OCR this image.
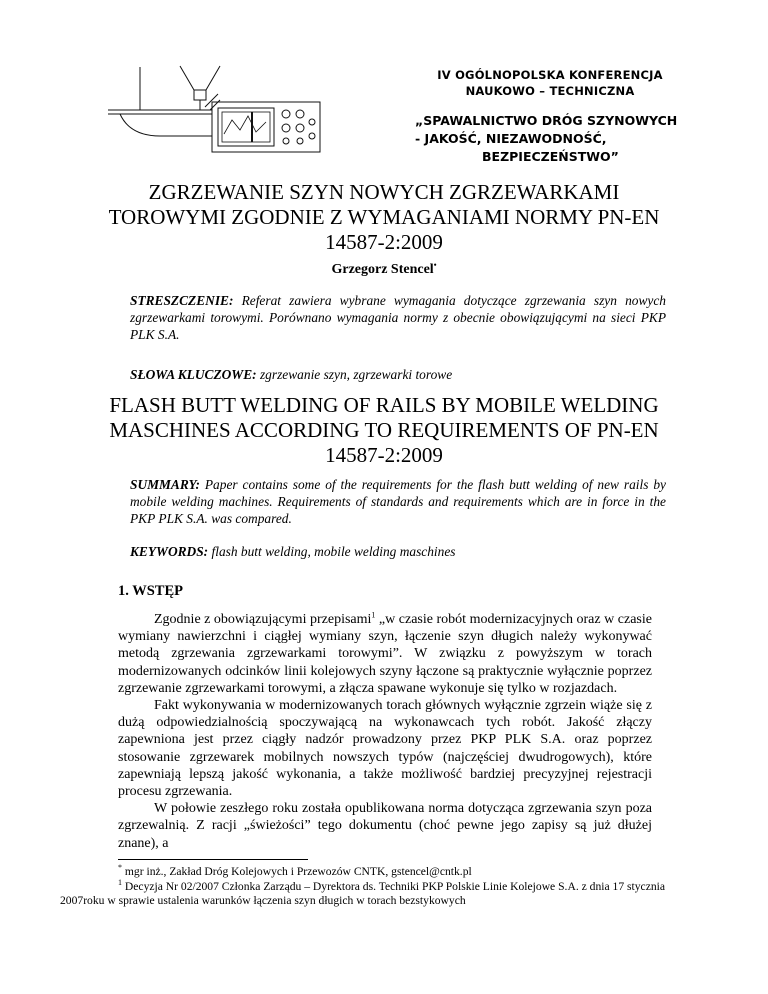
IV OGÓLNOPOLSKA KONFERENCJA
NAUKOWO – TECHNICZNA
„SPAWALNICTWO DRÓG SZYNOWYCH
- JAKOŚĆ, NIEZAWODNOŚĆ,
BEZPIECZEŃSTWO”
ZGRZEWANIE SZYN NOWYCH ZGRZEWARKAMI
TOROWYMI ZGODNIE Z WYMAGANIAMI NORMY PN-EN
14587-2:2009
Grzegorz Stencel•
STRESZCZENIE: Referat zawiera wybrane wymagania dotyczące zgrzewania szyn nowych zgrzewarkami torowymi. Porównano wymagania normy z obecnie obowiązującymi na sieci PKP PLK S.A.
SŁOWA KLUCZOWE: zgrzewanie szyn, zgrzewarki torowe
FLASH BUTT WELDING OF RAILS BY MOBILE WELDING
MASCHINES ACCORDING TO REQUIREMENTS OF PN-EN
14587-2:2009
SUMMARY: Paper contains some of the requirements for the flash butt welding of new rails by mobile welding machines. Requirements of standards and requirements which are in force in the PKP PLK S.A. was compared.
KEYWORDS: flash butt welding, mobile welding maschines
1. WSTĘP

Zgodnie z obowiązującymi przepisami$^1$ „w czasie robót modernizacyjnych oraz w czasie wymiany nawierzchni i ciągłej wymiany szyn, łączenie szyn długich należy wykonywać metodą zgrzewania zgrzewarkami torowymi”. W związku z powyższym w torach modernizowanych odcinków linii kolejowych szyny łączone są praktycznie wyłącznie poprzez zgrzewanie zgrzewarkami torowymi, a złącza spawane wykonuje się tylko w rozjazdach.

Fakt wykonywania w modernizowanych torach głównych wyłącznie zgrzein wiąże się z dużą odpowiedzialnością spoczywającą na wykonawcach tych robót. Jakość złączy zapewniona jest przez ciągły nadzór prowadzony przez PKP PLK S.A. oraz poprzez stosowanie zgrzewarek mobilnych nowszych typów (najczęściej dwudrogowych), które zapewniają lepszą jakość wykonania, a także możliwość bardziej precyzyjnej rejestracji procesu zgrzewania.

W połowie zeszłego roku została opublikowana norma dotycząca zgrzewania szyn poza zgrzewalnią. Z racji „świeżości” tego dokumentu (choć pewne jego zapisy są już dłużej znane), a

* mgr inż., Zakład Dróg Kolejowych i Przewozów CNTK, gstencel@cntk.pl
$^1$ Decyzja Nr 02/2007 Członka Zarządu – Dyrektora ds. Techniki PKP Polskie Linie Kolejowe S.A. z dnia 17 stycznia 2007roku w sprawie ustalenia warunków łączenia szyn długich w torach bezstykowych
